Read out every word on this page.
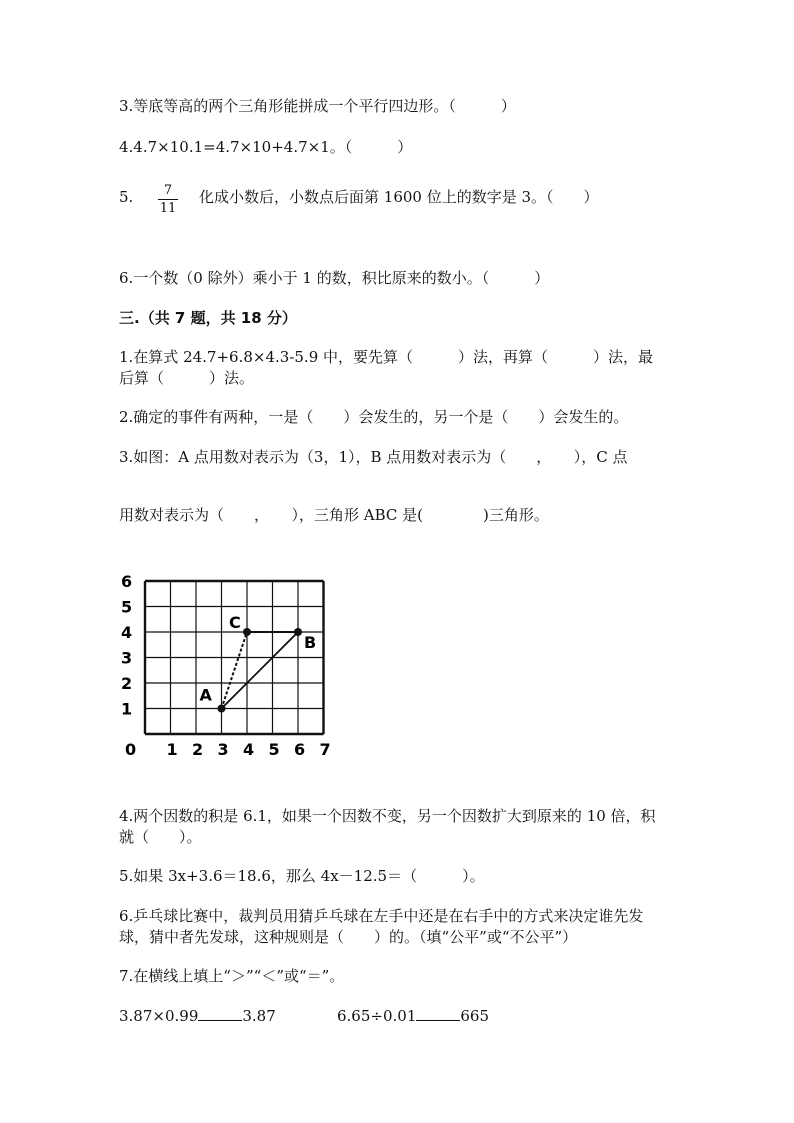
3.等底等高的两个三角形能拼成一个平行四边形。（　　　）
4.4.7×10.1=4.7×10+4.7×1。（　　　）
5.	7
11
化成小数后，小数点后面第 1600 位上的数字是 3。（　　）
6.一个数（0 除外）乘小于 1 的数，积比原来的数小。（　　　）
三.（共 7 题，共 18 分）
1.在算式 24.7+6.8×4.3-5.9 中，要先算（　　　）法，再算（　　　）法，最后算（　　　）法。
2.确定的事件有两种，一是（　　）会发生的，另一个是（　　）会发生的。
3.如图：A 点用数对表示为（3，1），B 点用数对表示为（　　，　　），C 点
用数对表示为（　　，　　），三角形 ABC 是(　　　　)三角形。
0 1 2 3 4 5 6 7
1
2
3
4
5
6
A
C
B
4.两个因数的积是 6.1，如果一个因数不变，另一个因数扩大到原来的 10 倍，积就（　　）。
5.如果 3x+3.6＝18.6，那么 4x－12.5＝（　　　）。
6.乒乓球比赛中，裁判员用猜乒乓球在左手中还是在右手中的方式来决定谁先发球，猜中者先发球，这种规则是（　　）的。（填“公平”或“不公平”）
7.在横线上填上“＞”“＜”或“＝”。
3.87×0.99	3.87	6.65÷0.01	665
